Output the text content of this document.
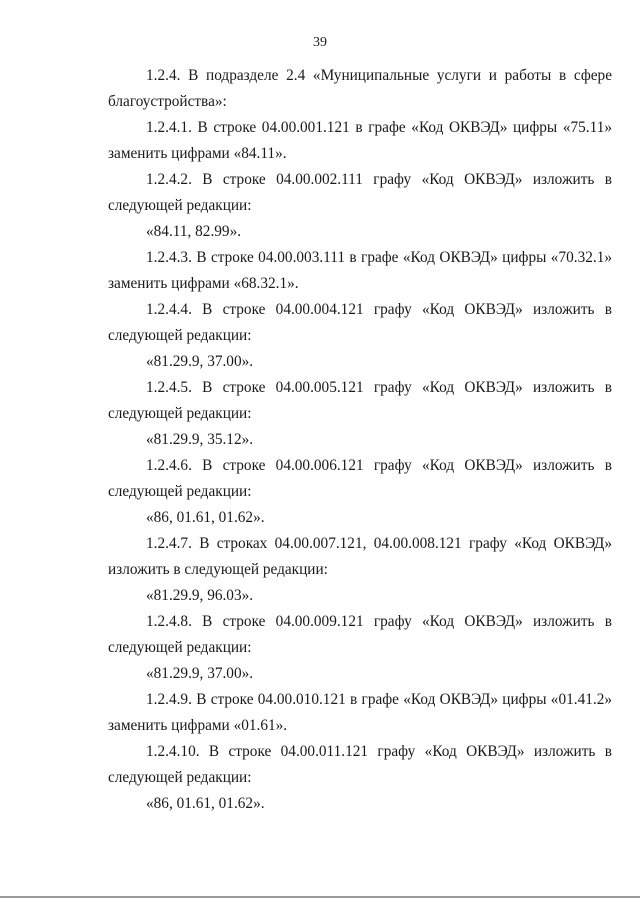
39

1.2.4. В подразделе 2.4 «Муниципальные услуги и работы в сфере благоустройства»:

1.2.4.1. В строке 04.00.001.121 в графе «Код ОКВЭД» цифры «75.11» заменить цифрами «84.11».

1.2.4.2. В строке 04.00.002.111 графу «Код ОКВЭД» изложить в следующей редакции:

«84.11, 82.99».

1.2.4.3. В строке 04.00.003.111 в графе «Код ОКВЭД» цифры «70.32.1» заменить цифрами «68.32.1».

1.2.4.4. В строке 04.00.004.121 графу «Код ОКВЭД» изложить в следующей редакции:

«81.29.9, 37.00».

1.2.4.5. В строке 04.00.005.121 графу «Код ОКВЭД» изложить в следующей редакции:

«81.29.9, 35.12».

1.2.4.6. В строке 04.00.006.121 графу «Код ОКВЭД» изложить в следующей редакции:

«86, 01.61, 01.62».

1.2.4.7. В строках 04.00.007.121, 04.00.008.121 графу «Код ОКВЭД» изложить в следующей редакции:

«81.29.9, 96.03».

1.2.4.8. В строке 04.00.009.121 графу «Код ОКВЭД» изложить в следующей редакции:

«81.29.9, 37.00».

1.2.4.9. В строке 04.00.010.121 в графе «Код ОКВЭД» цифры «01.41.2» заменить цифрами «01.61».

1.2.4.10. В строке 04.00.011.121 графу «Код ОКВЭД» изложить в следующей редакции:

«86, 01.61, 01.62».
